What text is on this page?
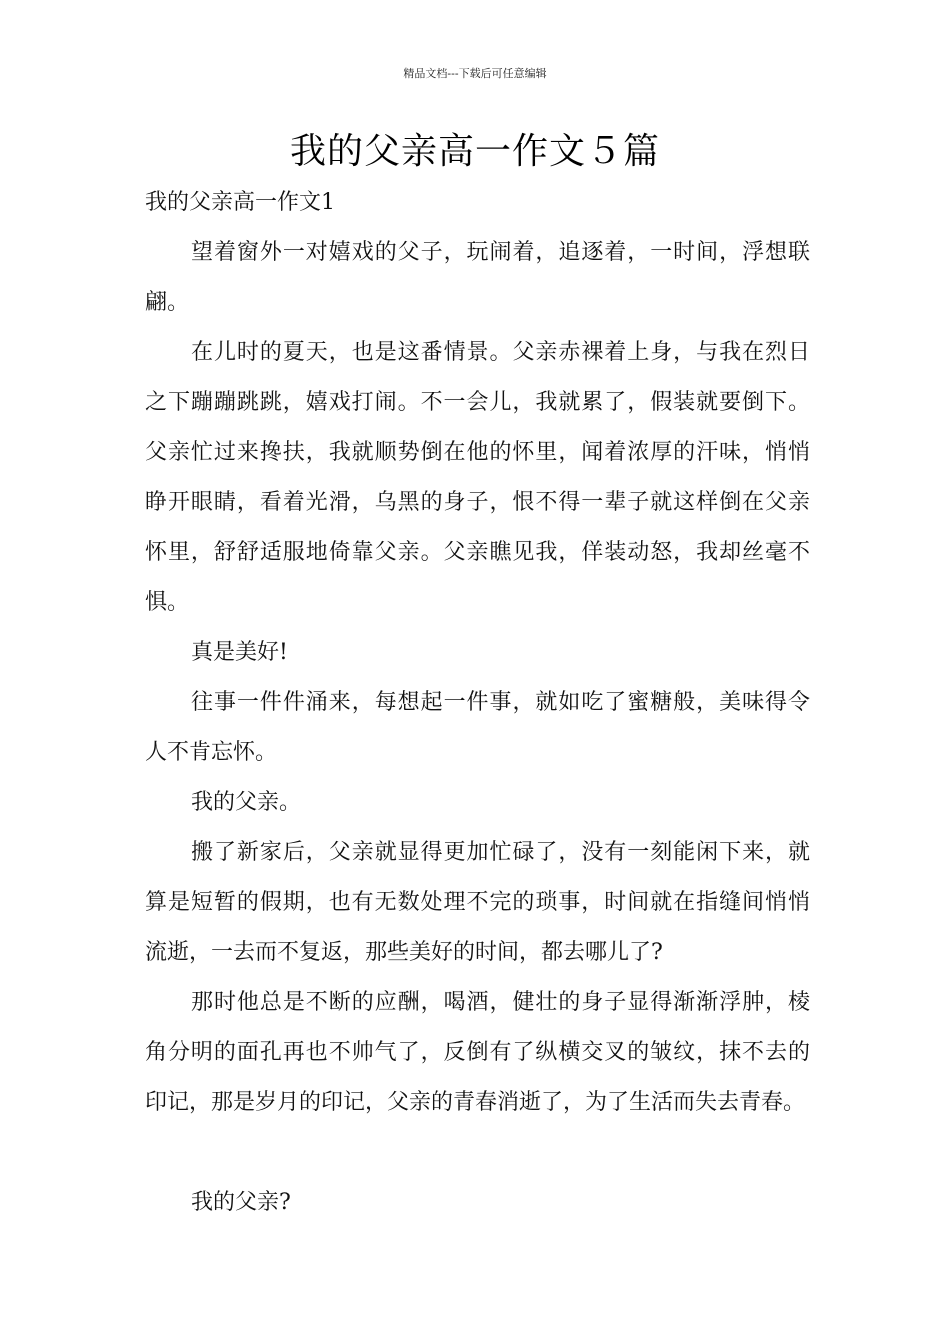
精品文档---下载后可任意编辑
我的父亲高一作文５篇
我的父亲高一作文1
望着窗外一对嬉戏的父子，玩闹着，追逐着，一时间，浮想联
翩。
在儿时的夏天，也是这番情景。父亲赤裸着上身，与我在烈日
之下蹦蹦跳跳，嬉戏打闹。不一会儿，我就累了，假装就要倒下。
父亲忙过来搀扶，我就顺势倒在他的怀里，闻着浓厚的汗味，悄悄
睁开眼睛，看着光滑，乌黑的身子，恨不得一辈子就这样倒在父亲
怀里，舒舒适服地倚靠父亲。父亲瞧见我，佯装动怒，我却丝毫不
惧。
真是美好!
往事一件件涌来，每想起一件事，就如吃了蜜糖般，美味得令
人不肯忘怀。
我的父亲。
搬了新家后，父亲就显得更加忙碌了，没有一刻能闲下来，就
算是短暂的假期，也有无数处理不完的琐事，时间就在指缝间悄悄
流逝，一去而不复返，那些美好的时间，都去哪儿了?
那时他总是不断的应酬，喝酒，健壮的身子显得渐渐浮肿，棱
角分明的面孔再也不帅气了，反倒有了纵横交叉的皱纹，抹不去的
印记，那是岁月的印记，父亲的青春消逝了，为了生活而失去青春。
我的父亲?
